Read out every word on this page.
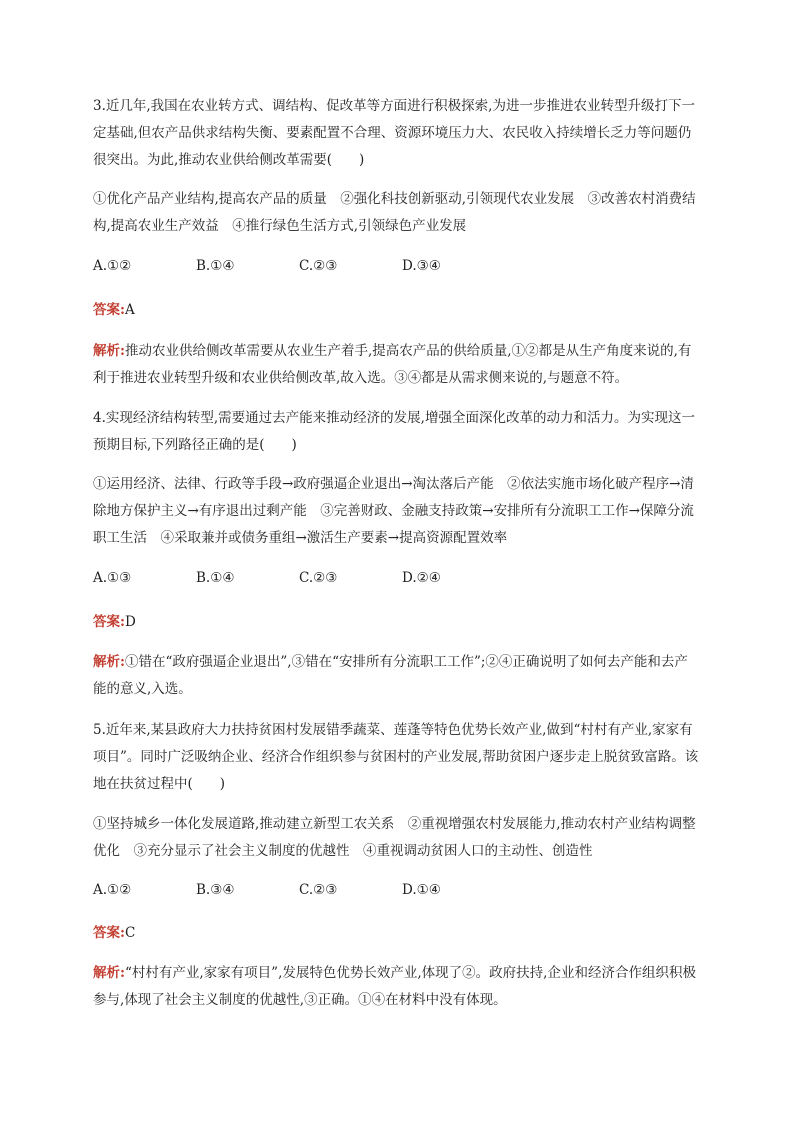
3.近几年,我国在农业转方式、调结构、促改革等方面进行积极探索,为进一步推进农业转型升级打下一定基础,但农产品供求结构失衡、要素配置不合理、资源环境压力大、农民收入持续增长乏力等问题仍很突出。为此,推动农业供给侧改革需要(　　)
①优化产品产业结构,提高农产品的质量　②强化科技创新驱动,引领现代农业发展　③改善农村消费结构,提高农业生产效益　④推行绿色生活方式,引领绿色产业发展
A.①②	B.①④	C.②③	D.③④
答案:A
解析:推动农业供给侧改革需要从农业生产着手,提高农产品的供给质量,①②都是从生产角度来说的,有利于推进农业转型升级和农业供给侧改革,故入选。③④都是从需求侧来说的,与题意不符。
4.实现经济结构转型,需要通过去产能来推动经济的发展,增强全面深化改革的动力和活力。为实现这一预期目标,下列路径正确的是(　　)
①运用经济、法律、行政等手段→政府强逼企业退出→淘汰落后产能　②依法实施市场化破产程序→清除地方保护主义→有序退出过剩产能　③完善财政、金融支持政策→安排所有分流职工工作→保障分流职工生活　④采取兼并或债务重组→激活生产要素→提高资源配置效率
A.①③	B.①④	C.②③	D.②④
答案:D
解析:①错在“政府强逼企业退出”,③错在“安排所有分流职工工作”;②④正确说明了如何去产能和去产能的意义,入选。
5.近年来,某县政府大力扶持贫困村发展错季蔬菜、莲蓬等特色优势长效产业,做到“村村有产业,家家有项目”。同时广泛吸纳企业、经济合作组织参与贫困村的产业发展,帮助贫困户逐步走上脱贫致富路。该地在扶贫过程中(　　)
①坚持城乡一体化发展道路,推动建立新型工农关系　②重视增强农村发展能力,推动农村产业结构调整优化　③充分显示了社会主义制度的优越性　④重视调动贫困人口的主动性、创造性
A.①②	B.③④	C.②③	D.①④
答案:C
解析:“村村有产业,家家有项目”,发展特色优势长效产业,体现了②。政府扶持,企业和经济合作组织积极参与,体现了社会主义制度的优越性,③正确。①④在材料中没有体现。
